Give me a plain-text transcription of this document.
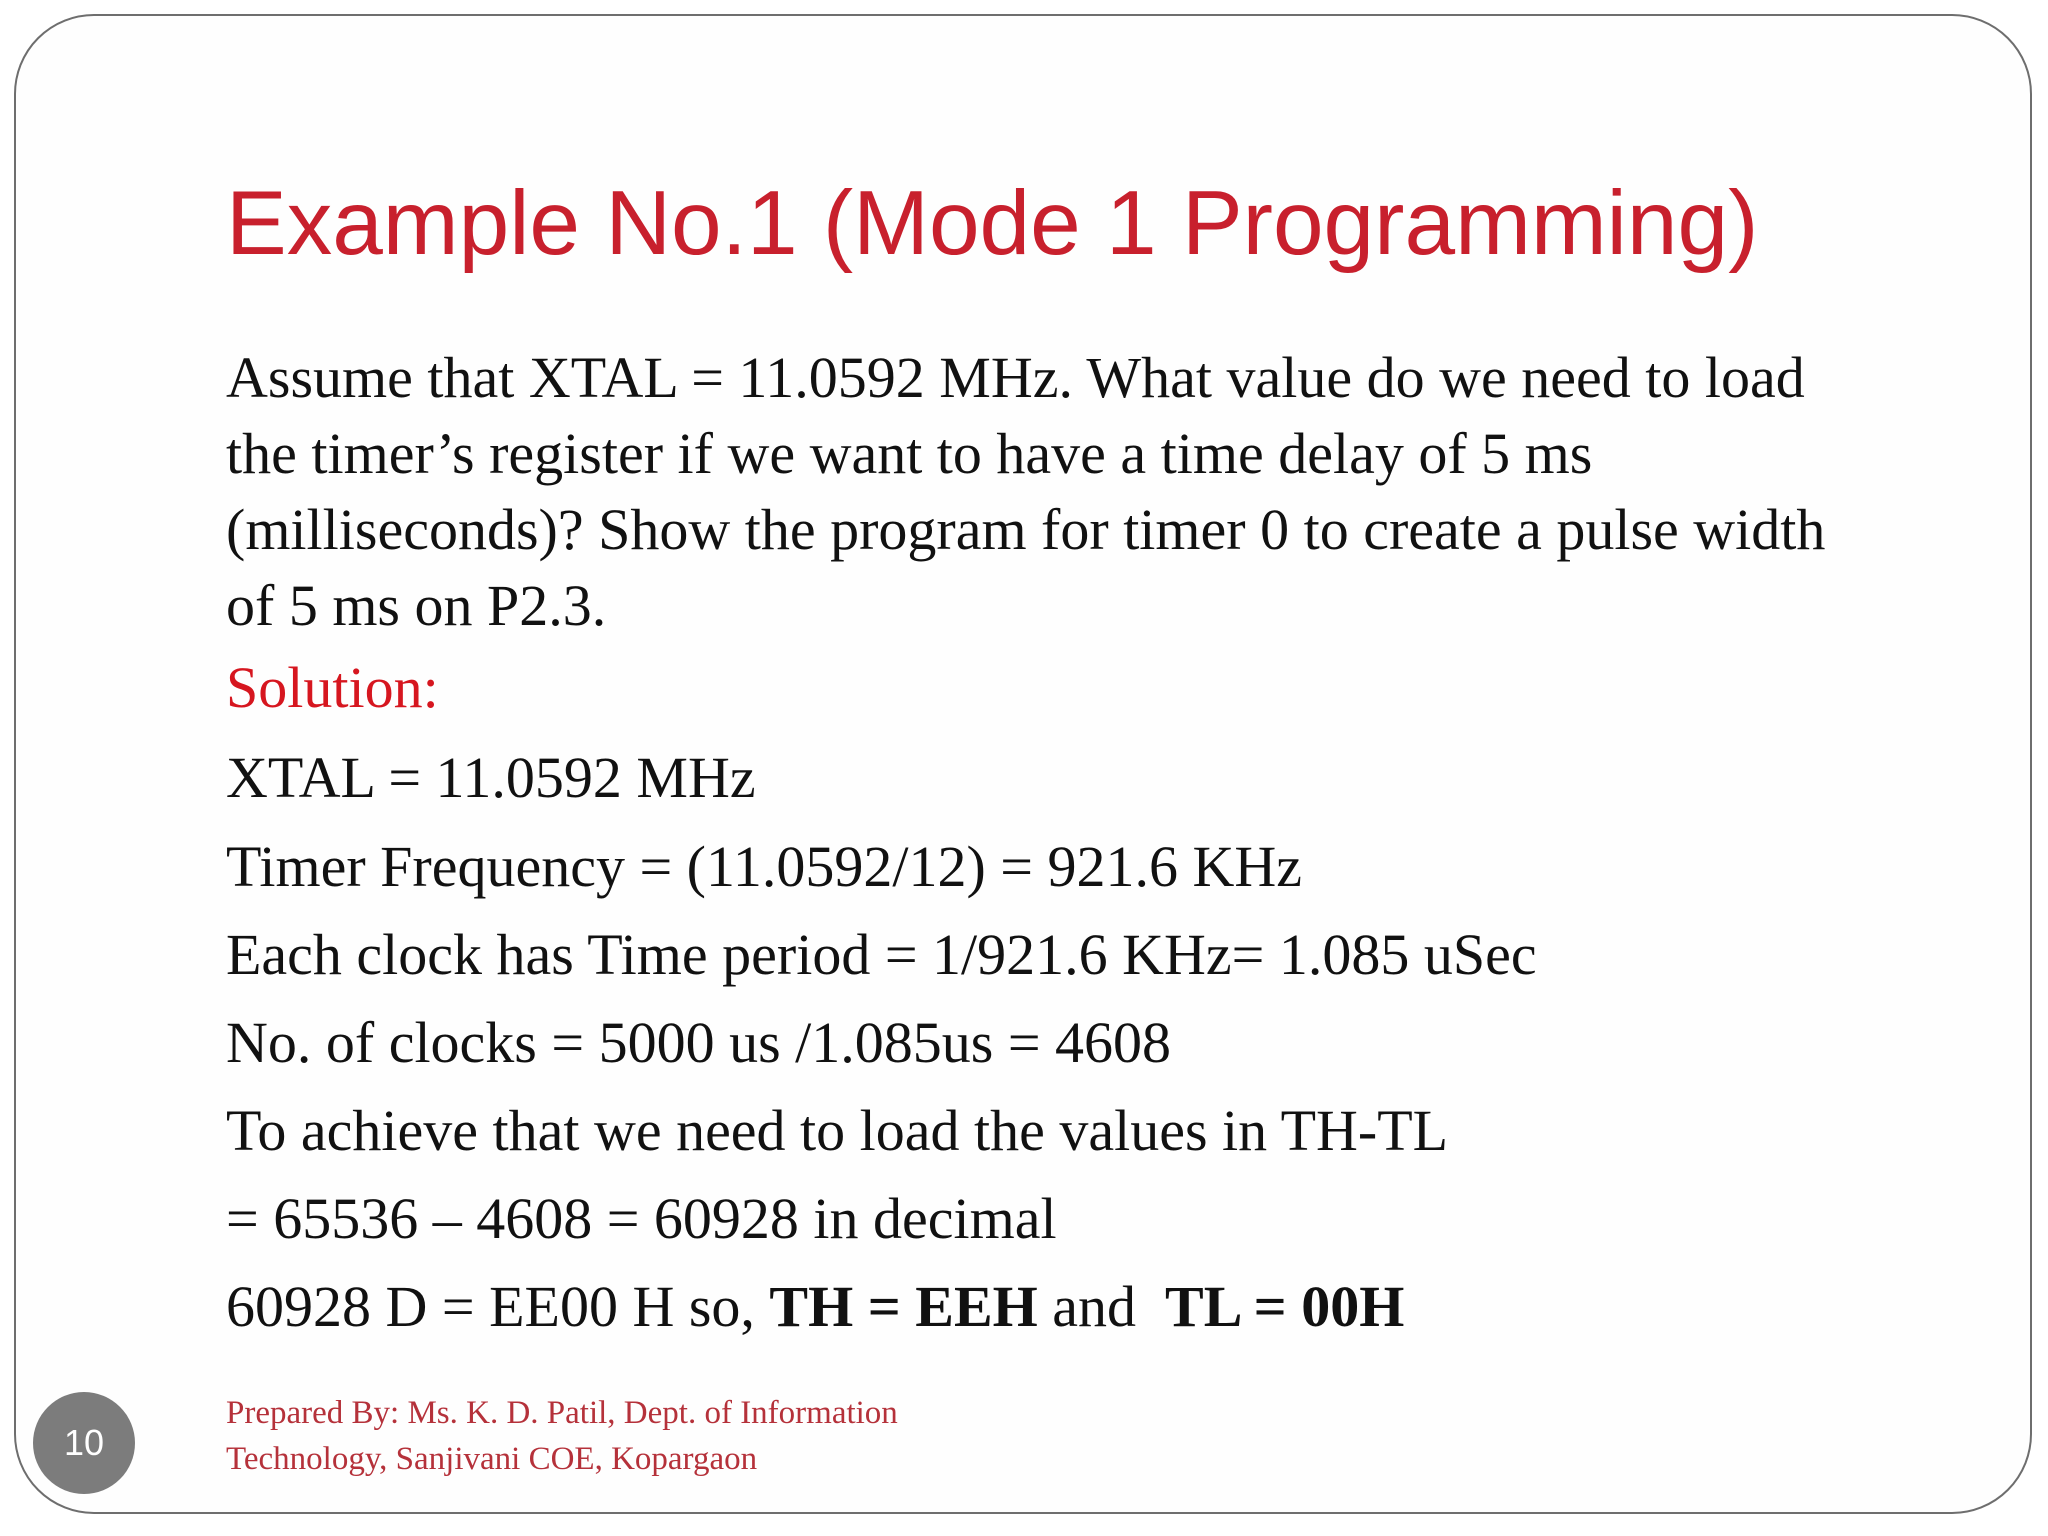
Example No.1 (Mode 1 Programming)

Assume that XTAL = 11.0592 MHz. What value do we need to load the timer’s register if we want to have a time delay of 5 ms (milliseconds)? Show the program for timer 0 to create a pulse width of 5 ms on P2.3.

Solution:

XTAL = 11.0592 MHz

Timer Frequency = (11.0592/12) = 921.6 KHz

Each clock has Time period = 1/921.6 KHz= 1.085 uSec

No. of clocks = 5000 us /1.085us = 4608

To achieve that we need to load the values in TH-TL

= 65536 – 4608 = 60928 in decimal

60928 D = EE00 H so, TH = EEH and  TL = 00H

Prepared By: Ms. K. D. Patil, Dept. of Information
Technology, Sanjivani COE, Kopargaon
10
